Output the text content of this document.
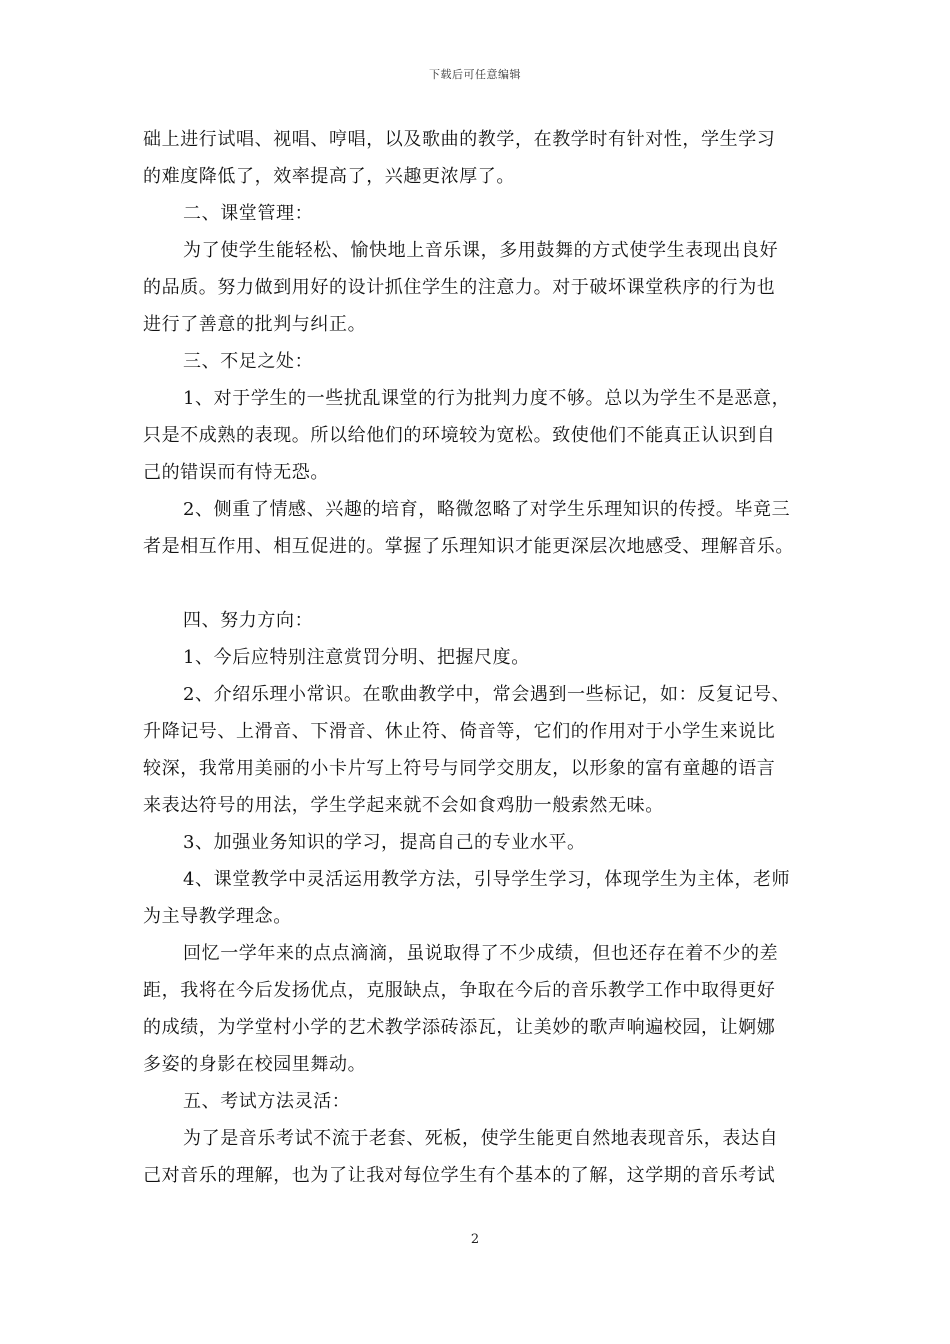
下载后可任意编辑
础上进行试唱、视唱、哼唱，以及歌曲的教学，在教学时有针对性，学生学习
的难度降低了，效率提高了，兴趣更浓厚了。
二、课堂管理：
为了使学生能轻松、愉快地上音乐课，多用鼓舞的方式使学生表现出良好
的品质。努力做到用好的设计抓住学生的注意力。对于破坏课堂秩序的行为也
进行了善意的批判与纠正。
三、不足之处：
1、对于学生的一些扰乱课堂的行为批判力度不够。总以为学生不是恶意，
只是不成熟的表现。所以给他们的环境较为宽松。致使他们不能真正认识到自
己的错误而有恃无恐。
2、侧重了情感、兴趣的培育，略微忽略了对学生乐理知识的传授。毕竟三
者是相互作用、相互促进的。掌握了乐理知识才能更深层次地感受、理解音乐。
四、努力方向：
1、今后应特别注意赏罚分明、把握尺度。
2、介绍乐理小常识。在歌曲教学中，常会遇到一些标记，如：反复记号、
升降记号、上滑音、下滑音、休止符、倚音等，它们的作用对于小学生来说比
较深，我常用美丽的小卡片写上符号与同学交朋友，以形象的富有童趣的语言
来表达符号的用法，学生学起来就不会如食鸡肋一般索然无味。
3、加强业务知识的学习，提高自己的专业水平。
4、课堂教学中灵活运用教学方法，引导学生学习，体现学生为主体，老师
为主导教学理念。
回忆一学年来的点点滴滴，虽说取得了不少成绩，但也还存在着不少的差
距，我将在今后发扬优点，克服缺点，争取在今后的音乐教学工作中取得更好
的成绩，为学堂村小学的艺术教学添砖添瓦，让美妙的歌声响遍校园，让婀娜
多姿的身影在校园里舞动。
五、考试方法灵活：
为了是音乐考试不流于老套、死板，使学生能更自然地表现音乐，表达自
己对音乐的理解，也为了让我对每位学生有个基本的了解，这学期的音乐考试
2
